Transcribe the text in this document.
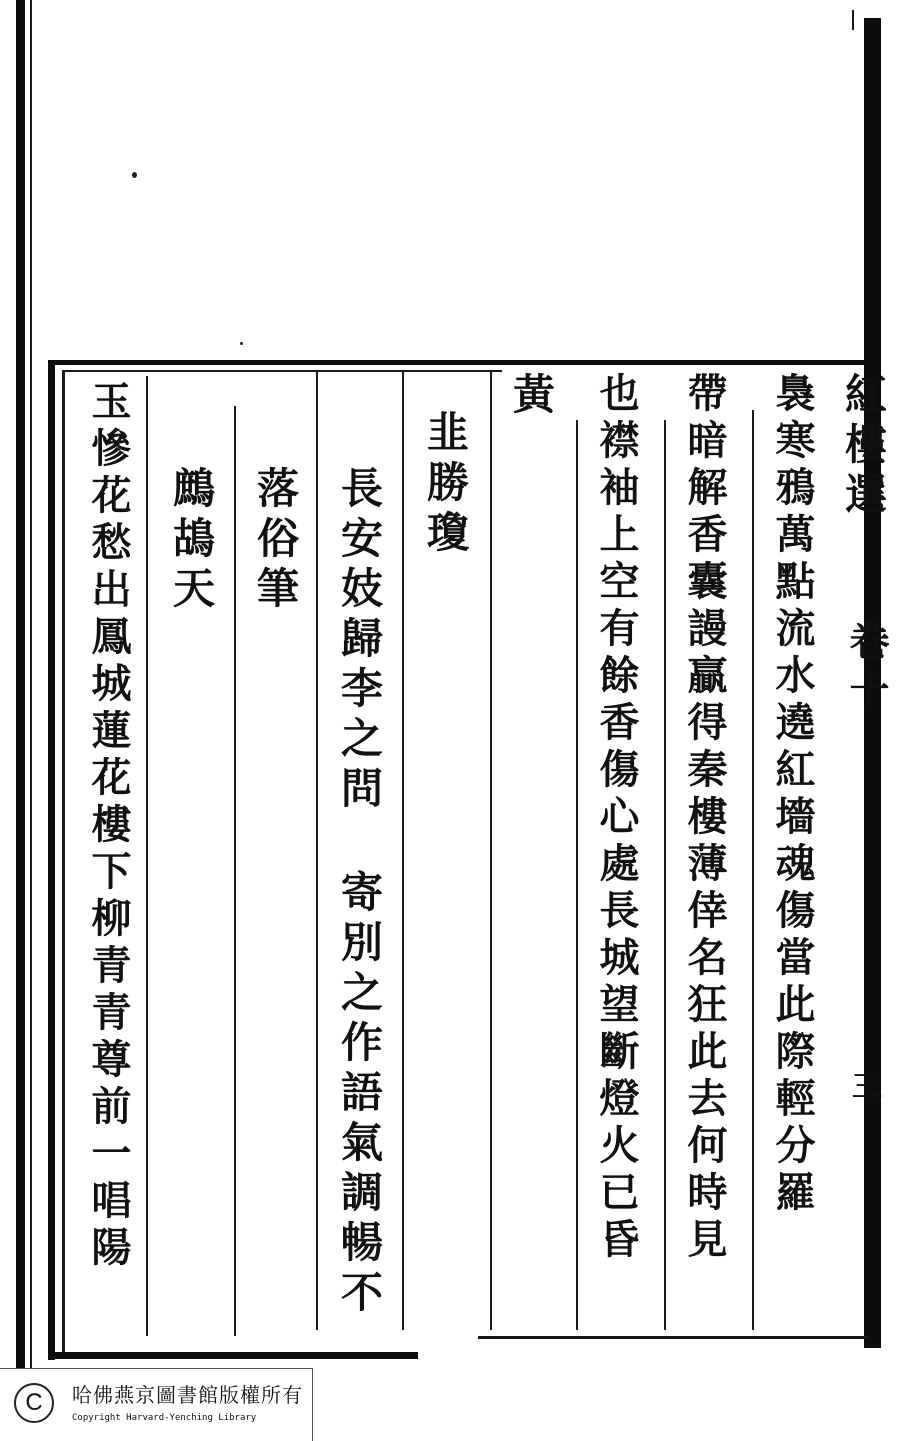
紅樓選
卷十
三
裊寒鴉萬點流水遶紅墻魂傷當此際輕分羅
帶暗解香囊謾贏得秦樓薄倖名狂此去何時見
也襟袖上空有餘香傷心處長城望斷燈火已昏
黃
韭勝瓊
長安妓歸李之問
寄別之作語氣調暢不
落俗筆
鷓鴣天
玉慘花愁出鳳城蓮花樓下柳青青尊前一唱陽
C	哈佛燕京圖書館版權所有
Copyright Harvard-Yenching Library
